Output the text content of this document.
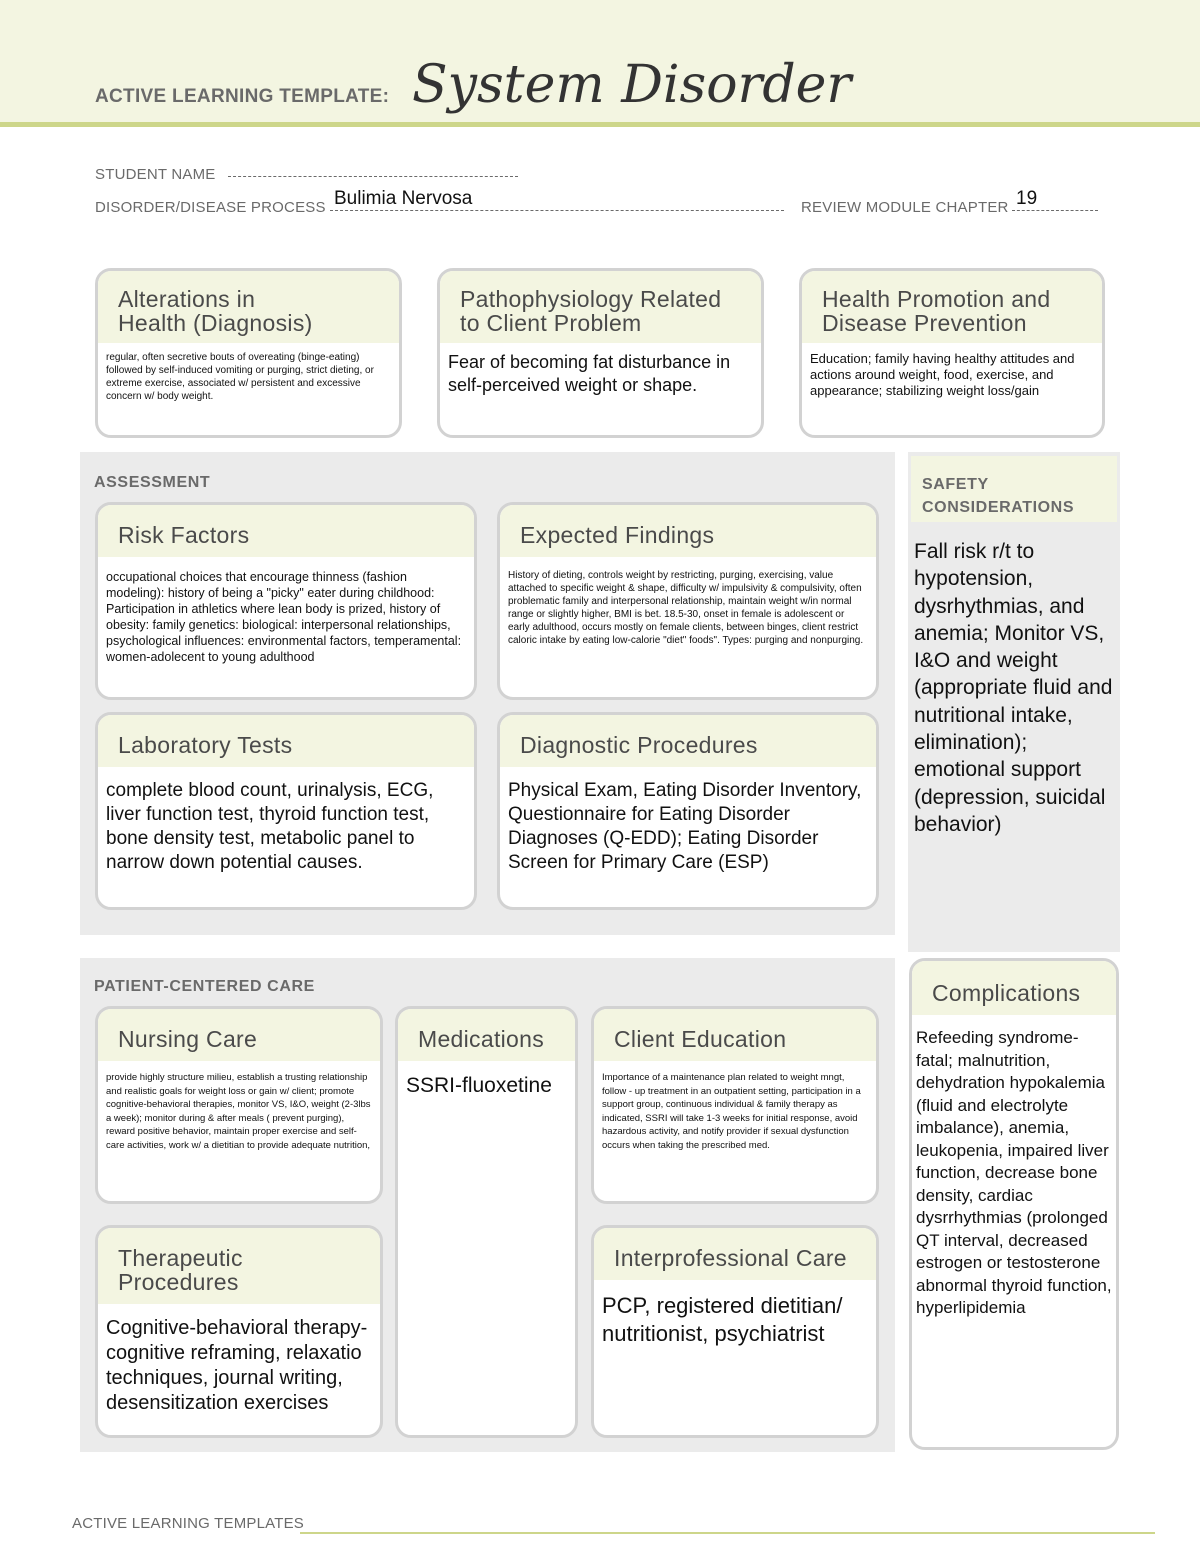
ACTIVE LEARNING TEMPLATE: System Disorder
STUDENT NAME
DISORDER/DISEASE PROCESS Bulimia Nervosa	REVIEW MODULE CHAPTER 19
Alterations in
Health (Diagnosis)
regular, often secretive bouts of overeating (binge-eating) followed by self-induced vomiting or purging, strict dieting, or extreme exercise, associated w/ persistent and excessive concern w/ body weight.
Pathophysiology Related
to Client Problem
Fear of becoming fat disturbance in self-perceived weight or shape.
Health Promotion and
Disease Prevention
Education; family having healthy attitudes and actions around weight, food, exercise, and appearance; stabilizing weight loss/gain
ASSESSMENT
Risk Factors
occupational choices that encourage thinness (fashion modeling): history of being a "picky" eater during childhood: Participation in athletics where lean body is prized, history of obesity: family genetics: biological: interpersonal relationships, psychological influences: environmental factors, temperamental: women-adolecent to young adulthood
Expected Findings
History of dieting, controls weight by restricting, purging, exercising, value attached to specific weight & shape, difficulty w/ impulsivity & compulsivity, often problematic family and interpersonal relationship, maintain weight w/in normal range or slightly higher, BMI is bet. 18.5-30, onset in female is adolescent or early adulthood, occurs mostly on female clients, between binges, client restrict caloric intake by eating low-calorie "diet" foods". Types: purging and nonpurging.
Laboratory Tests
complete blood count, urinalysis, ECG, liver function test, thyroid function test, bone density test, metabolic panel to narrow down potential causes.
Diagnostic Procedures
Physical Exam, Eating Disorder Inventory, Questionnaire for Eating Disorder Diagnoses (Q-EDD); Eating Disorder Screen for Primary Care (ESP)
SAFETY
CONSIDERATIONS
Fall risk r/t to hypotension, dysrhythmias, and anemia; Monitor VS, I&O and weight (appropriate fluid and nutritional intake, elimination); emotional support (depression, suicidal behavior)
PATIENT-CENTERED CARE
Nursing Care
provide highly structure milieu, establish a trusting relationship and realistic goals for weight loss or gain w/ client; promote cognitive-behavioral therapies, monitor VS, I&O, weight (2-3lbs a week); monitor during & after meals ( prevent purging), reward positive behavior, maintain proper exercise and self-care activities, work w/ a dietitian to provide adequate nutrition,
Medications
SSRI-fluoxetine
Client Education
Importance of a maintenance plan related to weight mngt, follow - up treatment in an outpatient setting, participation in a support group, continuous individual & family therapy as indicated, SSRI will take 1-3 weeks for initial response, avoid hazardous activity, and notify provider if sexual dysfunction occurs when taking the prescribed med.
Therapeutic Procedures
Cognitive-behavioral therapy- cognitive reframing, relaxatio techniques, journal writing, desensitization exercises
Interprofessional Care
PCP, registered dietitian/ nutritionist, psychiatrist
Complications
Refeeding syndrome-fatal; malnutrition, dehydration hypokalemia (fluid and electrolyte imbalance), anemia, leukopenia, impaired liver function, decrease bone density, cardiac dysrrhythmias (prolonged QT interval, decreased estrogen or testosterone abnormal thyroid function, hyperlipidemia
ACTIVE LEARNING TEMPLATES
